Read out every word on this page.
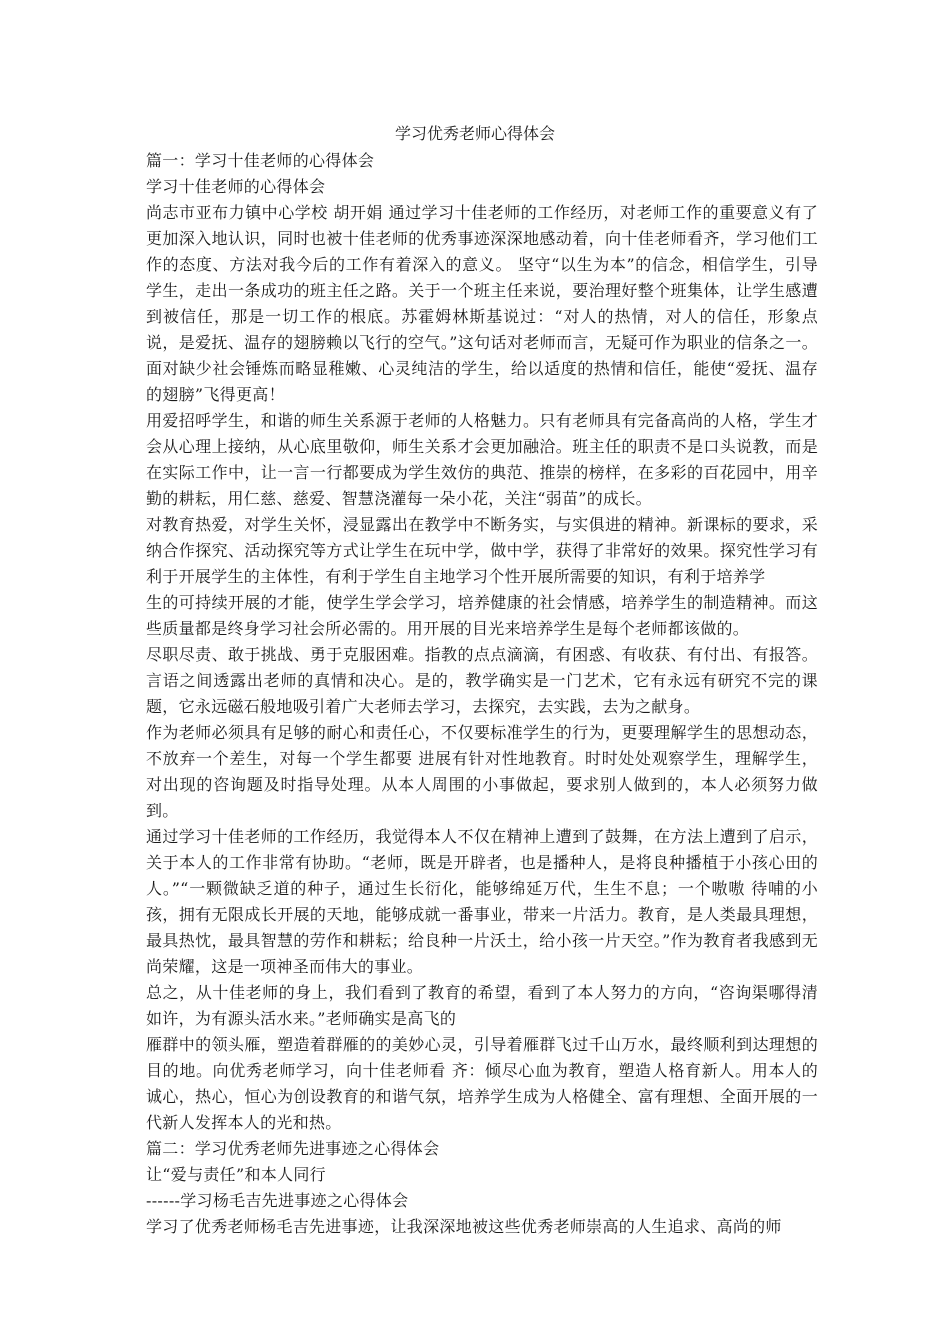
学习优秀老师心得体会

篇一：学习十佳老师的心得体会

学习十佳老师的心得体会

尚志市亚布力镇中心学校 胡开娟 通过学习十佳老师的工作经历，对老师工作的重要意义有了更加深入地认识，同时也被十佳老师的优秀事迹深深地感动着，向十佳老师看齐，学习他们工作的态度、方法对我今后的工作有着深入的意义。 坚守“以生为本”的信念，相信学生，引导学生，走出一条成功的班主任之路。关于一个班主任来说，要治理好整个班集体，让学生感遭到被信任，那是一切工作的根底。苏霍姆林斯基说过：“对人的热情，对人的信任，形象点说，是爱抚、温存的翅膀赖以飞行的空气。”这句话对老师而言，无疑可作为职业的信条之一。面对缺少社会锤炼而略显稚嫩、心灵纯洁的学生，给以适度的热情和信任，能使“爱抚、温存的翅膀”飞得更高！

用爱招呼学生，和谐的师生关系源于老师的人格魅力。只有老师具有完备高尚的人格，学生才会从心理上接纳，从心底里敬仰，师生关系才会更加融洽。班主任的职责不是口头说教，而是在实际工作中，让一言一行都要成为学生效仿的典范、推崇的榜样，在多彩的百花园中，用辛勤的耕耘，用仁慈、慈爱、智慧浇灌每一朵小花，关注“弱苗”的成长。

对教育热爱，对学生关怀，浸显露出在教学中不断务实，与实俱进的精神。新课标的要求，采纳合作探究、活动探究等方式让学生在玩中学，做中学，获得了非常好的效果。探究性学习有利于开展学生的主体性，有利于学生自主地学习个性开展所需要的知识，有利于培养学

生的可持续开展的才能，使学生学会学习，培养健康的社会情感，培养学生的制造精神。而这些质量都是终身学习社会所必需的。用开展的目光来培养学生是每个老师都该做的。

尽职尽责、敢于挑战、勇于克服困难。指教的点点滴滴，有困惑、有收获、有付出、有报答。言语之间透露出老师的真情和决心。是的，教学确实是一门艺术，它有永远有研究不完的课题，它永远磁石般地吸引着广大老师去学习，去探究，去实践，去为之献身。

作为老师必须具有足够的耐心和责任心，不仅要标准学生的行为，更要理解学生的思想动态，不放弃一个差生，对每一个学生都要 进展有针对性地教育。时时处处观察学生，理解学生，对出现的咨询题及时指导处理。从本人周围的小事做起，要求别人做到的，本人必须努力做到。

通过学习十佳老师的工作经历，我觉得本人不仅在精神上遭到了鼓舞，在方法上遭到了启示，关于本人的工作非常有协助。“老师，既是开辟者，也是播种人，是将良种播植于小孩心田的人。”“一颗微缺乏道的种子，通过生长衍化，能够绵延万代，生生不息；一个嗷嗷 待哺的小孩，拥有无限成长开展的天地，能够成就一番事业，带来一片活力。教育，是人类最具理想，最具热忱，最具智慧的劳作和耕耘；给良种一片沃土，给小孩一片天空。”作为教育者我感到无尚荣耀，这是一项神圣而伟大的事业。

总之，从十佳老师的身上，我们看到了教育的希望，看到了本人努力的方向，“咨询渠哪得清如许，为有源头活水来。”老师确实是高飞的

雁群中的领头雁，塑造着群雁的的美妙心灵，引导着雁群飞过千山万水，最终顺利到达理想的目的地。向优秀老师学习，向十佳老师看 齐：倾尽心血为教育，塑造人格育新人。用本人的诚心，热心，恒心为创设教育的和谐气氛，培养学生成为人格健全、富有理想、全面开展的一代新人发挥本人的光和热。

篇二：学习优秀老师先进事迹之心得体会

让“爱与责任”和本人同行

------学习杨毛吉先进事迹之心得体会

学习了优秀老师杨毛吉先进事迹，让我深深地被这些优秀老师崇高的人生追求、高尚的师
